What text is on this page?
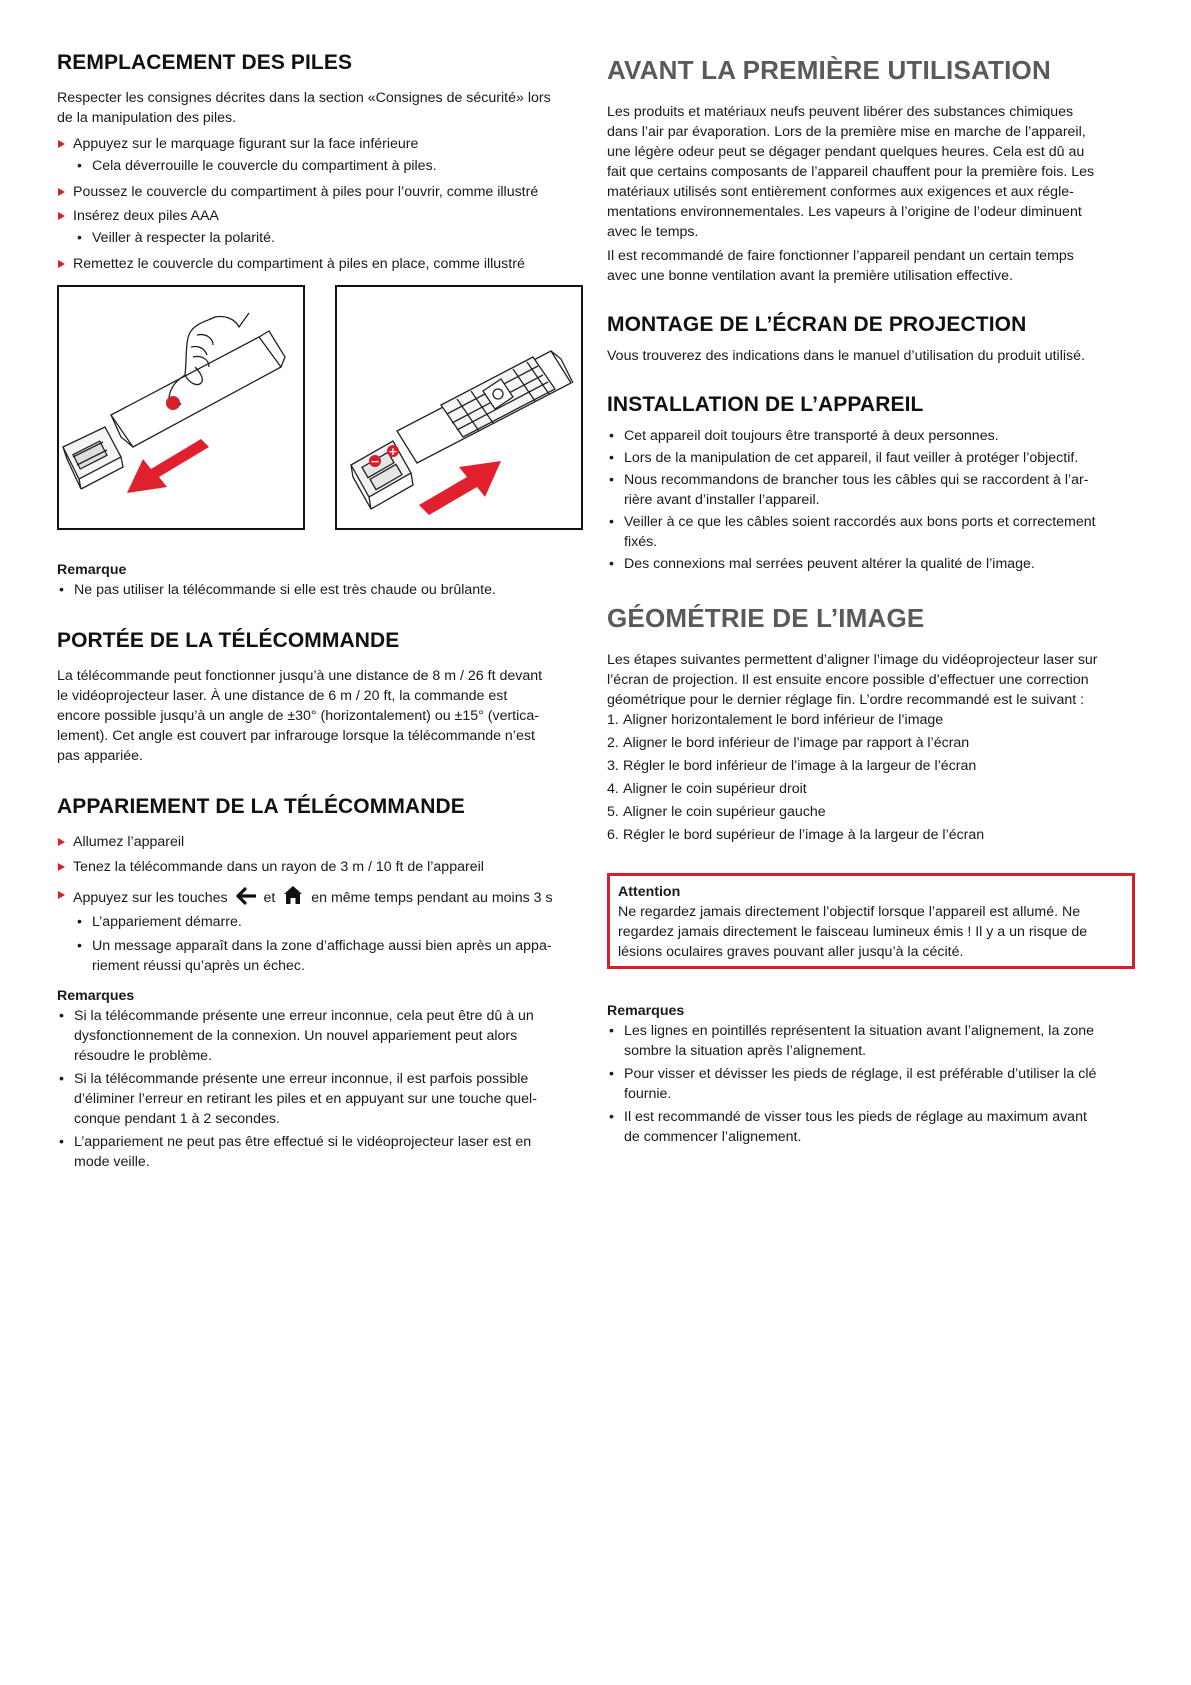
REMPLACEMENT DES PILES

Respecter les consignes décrites dans la section «Consignes de sécurité» lors

de la manipulation des piles.

Appuyez sur le marquage figurant sur la face inférieure
• Cela déverrouille le couvercle du compartiment à piles.
Poussez le couvercle du compartiment à piles pour l’ouvrir, comme illustré
Insérez deux piles AAA
• Veiller à respecter la polarité.
Remettez le couvercle du compartiment à piles en place, comme illustré
−
+

Remarque

• Ne pas utiliser la télécommande si elle est très chaude ou brûlante.
PORTÉE DE LA TÉLÉCOMMANDE

La télécommande peut fonctionner jusqu’à une distance de 8 m / 26 ft devant

le vidéoprojecteur laser. À une distance de 6 m / 20 ft, la commande est

encore possible jusqu’à un angle de ±30° (horizontalement) ou ±15° (vertica-

lement). Cet angle est couvert par infrarouge lorsque la télécommande n’est

pas appariée.

APPARIEMENT DE LA TÉLÉCOMMANDE
Allumez l’appareil
Tenez la télécommande dans un rayon de 3 m / 10 ft de l’appareil
Appuyez sur les touches	et	en même temps pendant au moins 3 s
• L’appariement démarre.
• Un message apparaît dans la zone d’affichage aussi bien après un appa-
riement réussi qu’après un échec.

Remarques

• Si la télécommande présente une erreur inconnue, cela peut être dû à un
dysfonctionnement de la connexion. Un nouvel appariement peut alors
résoudre le problème.
• Si la télécommande présente une erreur inconnue, il est parfois possible
d’éliminer l’erreur en retirant les piles et en appuyant sur une touche quel-
conque pendant 1 à 2 secondes.
• L’appariement ne peut pas être effectué si le vidéoprojecteur laser est en
mode veille.
AVANT LA PREMIÈRE UTILISATION

Les produits et matériaux neufs peuvent libérer des substances chimiques

dans l’air par évaporation. Lors de la première mise en marche de l’appareil,

une légère odeur peut se dégager pendant quelques heures. Cela est dû au

fait que certains composants de l’appareil chauffent pour la première fois. Les

matériaux utilisés sont entièrement conformes aux exigences et aux régle-

mentations environnementales. Les vapeurs à l’origine de l’odeur diminuent

avec le temps.

Il est recommandé de faire fonctionner l’appareil pendant un certain temps

avec une bonne ventilation avant la première utilisation effective.

MONTAGE DE L’ÉCRAN DE PROJECTION

Vous trouverez des indications dans le manuel d’utilisation du produit utilisé.

INSTALLATION DE L’APPAREIL
• Cet appareil doit toujours être transporté à deux personnes.
• Lors de la manipulation de cet appareil, il faut veiller à protéger l’objectif.
• Nous recommandons de brancher tous les câbles qui se raccordent à l’ar-
rière avant d’installer l’appareil.
• Veiller à ce que les câbles soient raccordés aux bons ports et correctement
fixés.
• Des connexions mal serrées peuvent altérer la qualité de l’image.
GÉOMÉTRIE DE L’IMAGE

Les étapes suivantes permettent d’aligner l’image du vidéoprojecteur laser sur

l’écran de projection. Il est ensuite encore possible d’effectuer une correction

géométrique pour le dernier réglage fin. L’ordre recommandé est le suivant :

1. Aligner horizontalement le bord inférieur de l’image
2. Aligner le bord inférieur de l’image par rapport à l’écran
3. Régler le bord inférieur de l’image à la largeur de l’écran
4. Aligner le coin supérieur droit
5. Aligner le coin supérieur gauche
6. Régler le bord supérieur de l’image à la largeur de l’écran

Attention

Ne regardez jamais directement l’objectif lorsque l’appareil est allumé. Ne

regardez jamais directement le faisceau lumineux émis ! Il y a un risque de

lésions oculaires graves pouvant aller jusqu’à la cécité.

Remarques

• Les lignes en pointillés représentent la situation avant l’alignement, la zone
sombre la situation après l’alignement.
• Pour visser et dévisser les pieds de réglage, il est préférable d’utiliser la clé
fournie.
• Il est recommandé de visser tous les pieds de réglage au maximum avant
de commencer l’alignement.
